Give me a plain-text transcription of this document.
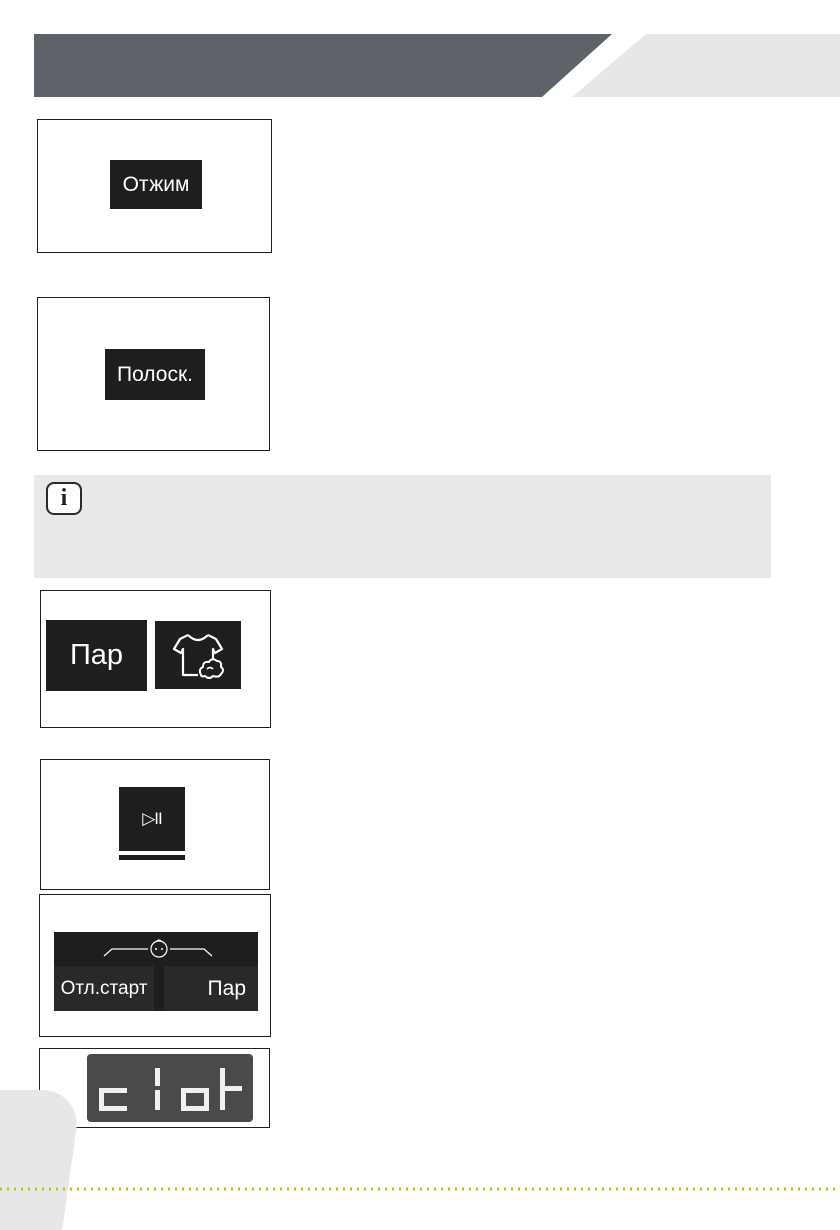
Отжим
Полоск.
i
Пар
▷II
Отл.старт	Пар
